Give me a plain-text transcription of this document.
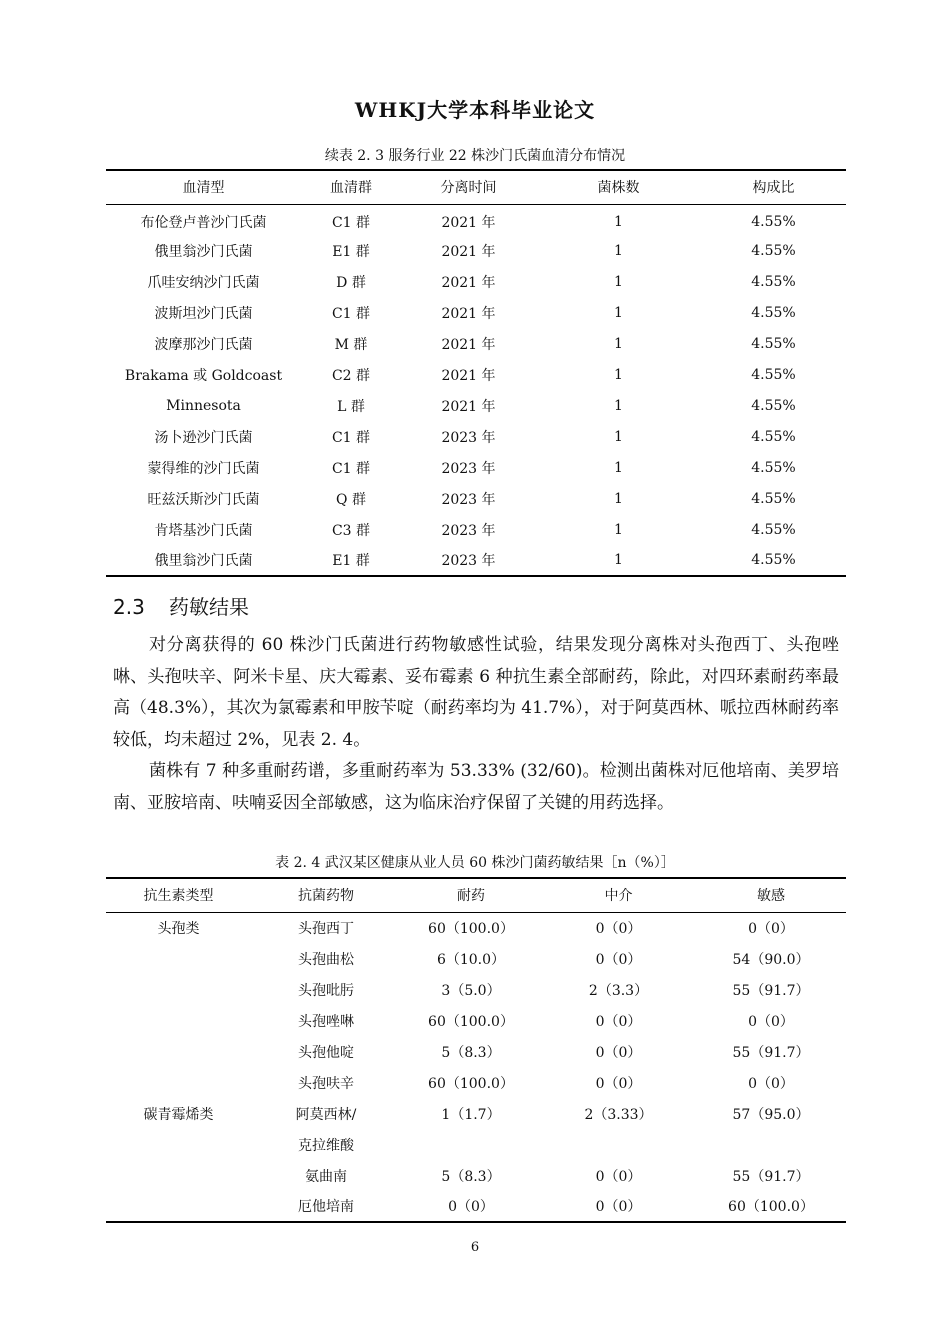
WHKJ大学本科毕业论文
续表 2. 3 服务行业 22 株沙门氏菌血清分布情况
血清型	血清群	分离时间	菌株数	构成比
布伦登卢普沙门氏菌	C1 群	2021 年	1	4.55%
俄里翁沙门氏菌	E1 群	2021 年	1	4.55%
爪哇安纳沙门氏菌	D 群	2021 年	1	4.55%
波斯坦沙门氏菌	C1 群	2021 年	1	4.55%
波摩那沙门氏菌	M 群	2021 年	1	4.55%
Brakama 或 Goldcoast	C2 群	2021 年	1	4.55%
Minnesota	L 群	2021 年	1	4.55%
汤卜逊沙门氏菌	C1 群	2023 年	1	4.55%
蒙得维的沙门氏菌	C1 群	2023 年	1	4.55%
旺兹沃斯沙门氏菌	Q 群	2023 年	1	4.55%
肯塔基沙门氏菌	C3 群	2023 年	1	4.55%
俄里翁沙门氏菌	E1 群	2023 年	1	4.55%
2.3 药敏结果
对分离获得的 60 株沙门氏菌进行药物敏感性试验，结果发现分离株对头孢西丁、头孢唑啉、头孢呋辛、阿米卡星、庆大霉素、妥布霉素 6 种抗生素全部耐药，除此，对四环素耐药率最高（48.3%），其次为氯霉素和甲胺苄啶（耐药率均为 41.7%），对于阿莫西林、哌拉西林耐药率较低，均未超过 2%，见表 2. 4。
菌株有 7 种多重耐药谱，多重耐药率为 53.33% (32/60)。检测出菌株对厄他培南、美罗培南、亚胺培南、呋喃妥因全部敏感，这为临床治疗保留了关键的用药选择。
表 2. 4 武汉某区健康从业人员 60 株沙门菌药敏结果［n（%）］
抗生素类型	抗菌药物	耐药	中介	敏感
头孢类	头孢西丁	60（100.0）	0（0）	0（0）
	头孢曲松	6（10.0）	0（0）	54（90.0）
	头孢吡肟	3（5.0）	2（3.3）	55（91.7）
	头孢唑啉	60（100.0）	0（0）	0（0）
	头孢他啶	5（8.3）	0（0）	55（91.7）
	头孢呋辛	60（100.0）	0（0）	0（0）
碳青霉烯类	阿莫西林/	1（1.7）	2（3.33）	57（95.0）
	克拉维酸			
	氨曲南	5（8.3）	0（0）	55（91.7）
	厄他培南	0（0）	0（0）	60（100.0）
6
